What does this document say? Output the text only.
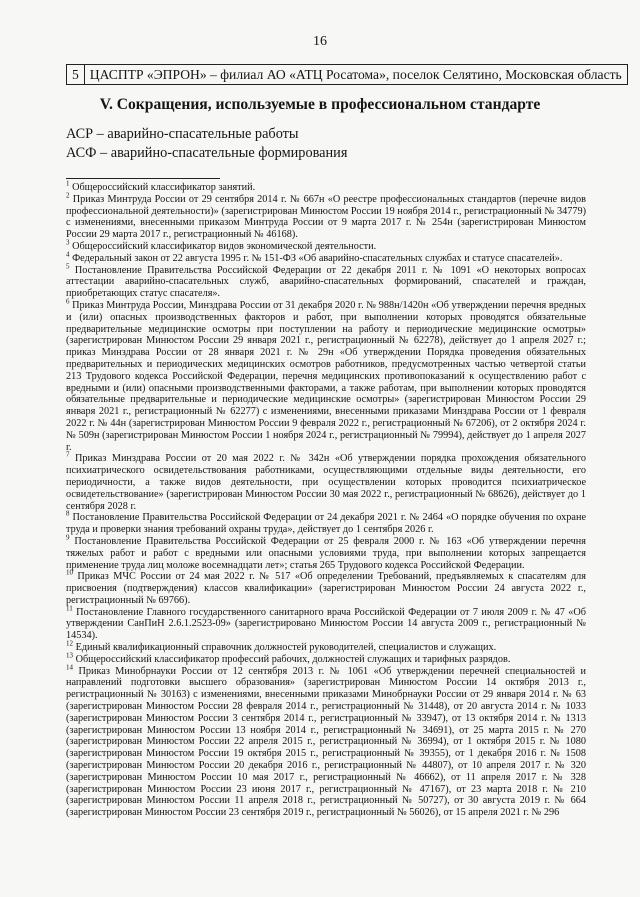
16
5	ЦАСПТР «ЭПРОН» – филиал АО «АТЦ Росатома», поселок Селятино, Московская область
V. Сокращения, используемые в профессиональном стандарте
АСР – аварийно-спасательные работы
АСФ – аварийно-спасательные формирования

$^1$ Общероссийский классификатор занятий.

$^2$ Приказ Минтруда России от 29 сентября 2014 г. № 667н «О реестре профессиональных стандартов (перечне видов профессиональной деятельности)» (зарегистрирован Минюстом России 19 ноября 2014 г., регистрационный № 34779) с изменениями, внесенными приказом Минтруда России от 9 марта 2017 г. № 254н (зарегистрирован Минюстом России 29 марта 2017 г., регистрационный № 46168).

$^3$ Общероссийский классификатор видов экономической деятельности.

$^4$ Федеральный закон от 22 августа 1995 г. № 151-ФЗ «Об аварийно-спасательных службах и статусе спасателей».

$^5$ Постановление Правительства Российской Федерации от 22 декабря 2011 г. № 1091 «О некоторых вопросах аттестации аварийно-спасательных служб, аварийно-спасательных формирований, спасателей и граждан, приобретающих статус спасателя».

$^6$ Приказ Минтруда России, Минздрава России от 31 декабря 2020 г. № 988н/1420н «Об утверждении перечня вредных и (или) опасных производственных факторов и работ, при выполнении которых проводятся обязательные предварительные медицинские осмотры при поступлении на работу и периодические медицинские осмотры» (зарегистрирован Минюстом России 29 января 2021 г., регистрационный № 62278), действует до 1 апреля 2027 г.; приказ Минздрава России от 28 января 2021 г. № 29н «Об утверждении Порядка проведения обязательных предварительных и периодических медицинских осмотров работников, предусмотренных частью четвертой статьи 213 Трудового кодекса Российской Федерации, перечня медицинских противопоказаний к осуществлению работ с вредными и (или) опасными производственными факторами, а также работам, при выполнении которых проводятся обязательные предварительные и периодические медицинские осмотры» (зарегистрирован Минюстом России 29 января 2021 г., регистрационный № 62277) с изменениями, внесенными приказами Минздрава России от 1 февраля 2022 г. № 44н (зарегистрирован Минюстом России 9 февраля 2022 г., регистрационный № 67206), от 2 октября 2024 г. № 509н (зарегистрирован Минюстом России 1 ноября 2024 г., регистрационный № 79994), действует до 1 апреля 2027 г.

$^7$ Приказ Минздрава России от 20 мая 2022 г. № 342н «Об утверждении порядка прохождения обязательного психиатрического освидетельствования работниками, осуществляющими отдельные виды деятельности, его периодичности, а также видов деятельности, при осуществлении которых проводится психиатрическое освидетельствование» (зарегистрирован Минюстом России 30 мая 2022 г., регистрационный № 68626), действует до 1 сентября 2028 г.

$^8$ Постановление Правительства Российской Федерации от 24 декабря 2021 г. № 2464 «О порядке обучения по охране труда и проверки знания требований охраны труда», действует до 1 сентября 2026 г.

$^9$ Постановление Правительства Российской Федерации от 25 февраля 2000 г. № 163 «Об утверждении перечня тяжелых работ и работ с вредными или опасными условиями труда, при выполнении которых запрещается применение труда лиц моложе восемнадцати лет»; статья 265 Трудового кодекса Российской Федерации.

$^{10}$ Приказ МЧС России от 24 мая 2022 г. № 517 «Об определении Требований, предъявляемых к спасателям для присвоения (подтверждения) классов квалификации» (зарегистрирован Минюстом России 24 августа 2022 г., регистрационный № 69766).

$^{11}$ Постановление Главного государственного санитарного врача Российской Федерации от 7 июля 2009 г. № 47 «Об утверждении СанПиН 2.6.1.2523-09» (зарегистрировано Минюстом России 14 августа 2009 г., регистрационный № 14534).

$^{12}$ Единый квалификационный справочник должностей руководителей, специалистов и служащих.

$^{13}$ Общероссийский классификатор профессий рабочих, должностей служащих и тарифных разрядов.

$^{14}$ Приказ Минобрнауки России от 12 сентября 2013 г. № 1061 «Об утверждении перечней специальностей и направлений подготовки высшего образования» (зарегистрирован Минюстом России 14 октября 2013 г., регистрационный № 30163) с изменениями, внесенными приказами Минобрнауки России от 29 января 2014 г. № 63 (зарегистрирован Минюстом России 28 февраля 2014 г., регистрационный № 31448), от 20 августа 2014 г. № 1033 (зарегистрирован Минюстом России 3 сентября 2014 г., регистрационный № 33947), от 13 октября 2014 г. № 1313 (зарегистрирован Минюстом России 13 ноября 2014 г., регистрационный № 34691), от 25 марта 2015 г. № 270 (зарегистрирован Минюстом России 22 апреля 2015 г., регистрационный № 36994), от 1 октября 2015 г. № 1080 (зарегистрирован Минюстом России 19 октября 2015 г., регистрационный № 39355), от 1 декабря 2016 г. № 1508 (зарегистрирован Минюстом России 20 декабря 2016 г., регистрационный № 44807), от 10 апреля 2017 г. № 320 (зарегистрирован Минюстом России 10 мая 2017 г., регистрационный № 46662), от 11 апреля 2017 г. № 328 (зарегистрирован Минюстом России 23 июня 2017 г., регистрационный № 47167), от 23 марта 2018 г. № 210 (зарегистрирован Минюстом России 11 апреля 2018 г., регистрационный № 50727), от 30 августа 2019 г. № 664 (зарегистрирован Минюстом России 23 сентября 2019 г., регистрационный № 56026), от 15 апреля 2021 г. № 296
